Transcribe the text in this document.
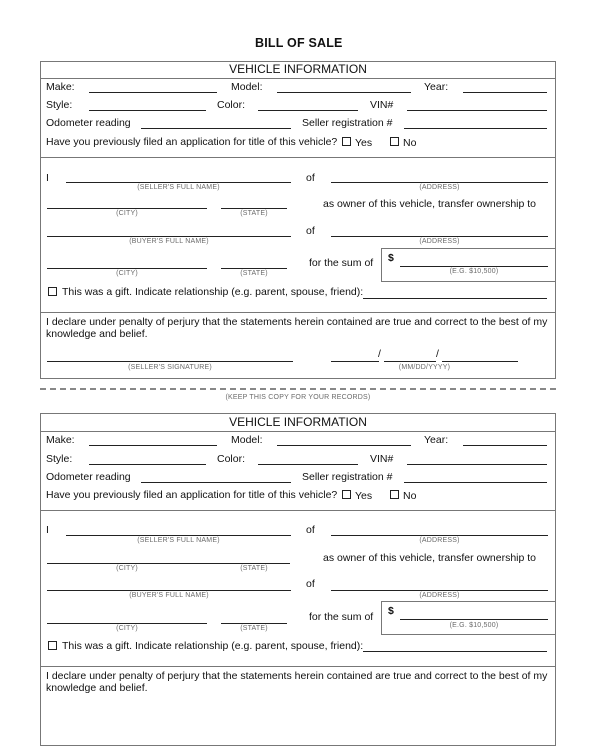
BILL OF SALE
VEHICLE INFORMATION
Make:	Model:	Year:
Style:	Color:	VIN#
Odometer reading	Seller registration #
Have you previously filed an application for title of this vehicle? Yes	No
I
(SELLER'S FULL NAME)
of
(ADDRESS)
(CITY)	(STATE)
as owner of this vehicle, transfer ownership to
(BUYER'S FULL NAME)
of
(ADDRESS)
(CITY)	(STATE)
for the sum of $
(E.G. $10,500)
This was a gift. Indicate relationship (e.g. parent, spouse, friend):
I declare under penalty of perjury that the statements herein contained are true and correct to the best of my
knowledge and belief.
(SELLER'S SIGNATURE)
/	/
(MM/DD/YYYY)
(KEEP THIS COPY FOR YOUR RECORDS)
VEHICLE INFORMATION
Make:	Model:	Year:
Style:	Color:	VIN#
Odometer reading	Seller registration #
Have you previously filed an application for title of this vehicle? Yes	No
I
(SELLER'S FULL NAME)
of
(ADDRESS)
(CITY)	(STATE)
as owner of this vehicle, transfer ownership to
(BUYER'S FULL NAME)
of
(ADDRESS)
(CITY)	(STATE)
for the sum of $
(E.G. $10,500)
This was a gift. Indicate relationship (e.g. parent, spouse, friend):
I declare under penalty of perjury that the statements herein contained are true and correct to the best of my
knowledge and belief.
